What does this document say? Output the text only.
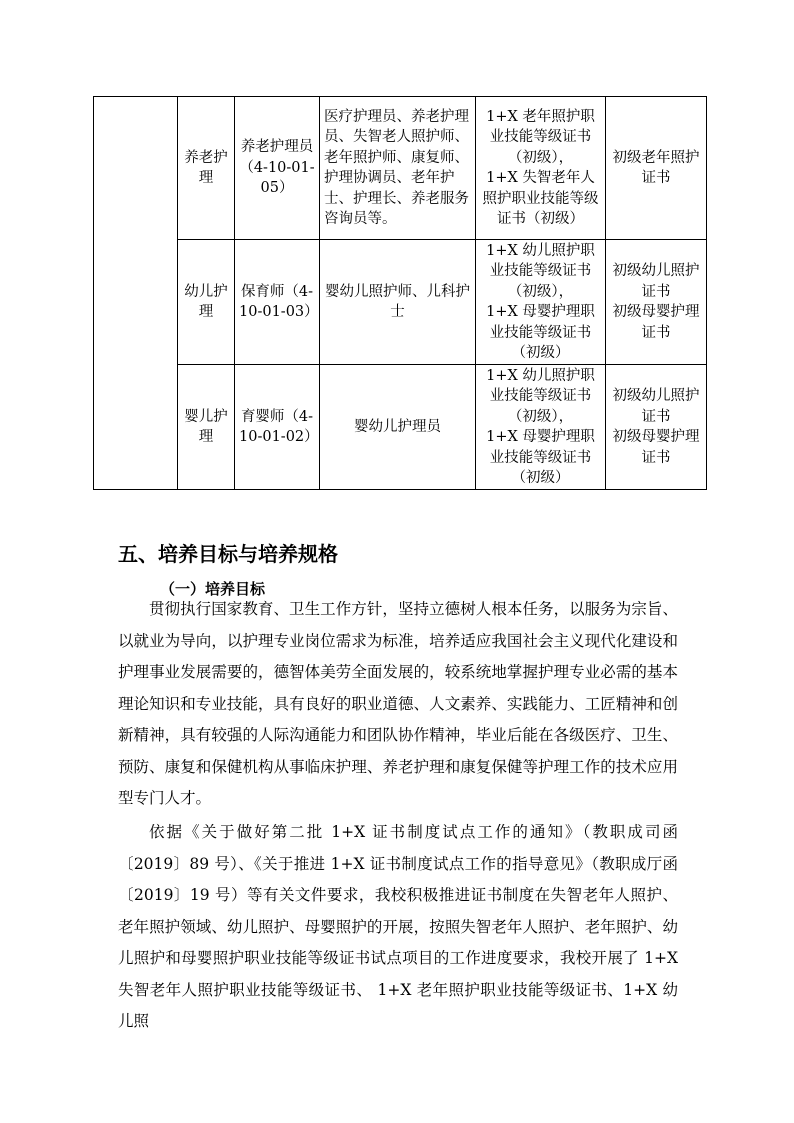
	养老护理	养老护理员（4-10-01-05）	医疗护理员、养老护理员、失智老人照护师、老年照护师、康复师、护理协调员、老年护士、护理长、养老服务咨询员等。	1+X 老年照护职业技能等级证书（初级），
1+X 失智老年人照护职业技能等级证书（初级）	初级老年照护证书

	幼儿护理	保育师（4-10-01-03）	婴幼儿照护师、儿科护士	1+X 幼儿照护职业技能等级证书（初级），
1+X 母婴护理职业技能等级证书（初级）	初级幼儿照护证书
初级母婴护理证书

	婴儿护理	育婴师（4-10-01-02）	婴幼儿护理员	1+X 幼儿照护职业技能等级证书（初级），
1+X 母婴护理职业技能等级证书（初级）	初级幼儿照护证书
初级母婴护理证书
五、培养目标与培养规格
（一）培养目标

贯彻执行国家教育、卫生工作方针，坚持立德树人根本任务，以服务为宗旨、以就业为导向，以护理专业岗位需求为标准，培养适应我国社会主义现代化建设和护理事业发展需要的，德智体美劳全面发展的，较系统地掌握护理专业必需的基本理论知识和专业技能，具有良好的职业道德、人文素养、实践能力、工匠精神和创新精神，具有较强的人际沟通能力和团队协作精神，毕业后能在各级医疗、卫生、预防、康复和保健机构从事临床护理、养老护理和康复保健等护理工作的技术应用型专门人才。

依据《关于做好第二批 1+X 证书制度试点工作的通知》（教职成司函〔2019〕89 号）、《关于推进 1+X 证书制度试点工作的指导意见》（教职成厅函〔2019〕19 号）等有关文件要求，我校积极推进证书制度在失智老年人照护、老年照护领域、幼儿照护、母婴照护的开展，按照失智老年人照护、老年照护、幼儿照护和母婴照护职业技能等级证书试点项目的工作进度要求，我校开展了 1+X 失智老年人照护职业技能等级证书、 1+X 老年照护职业技能等级证书、1+X 幼儿照
